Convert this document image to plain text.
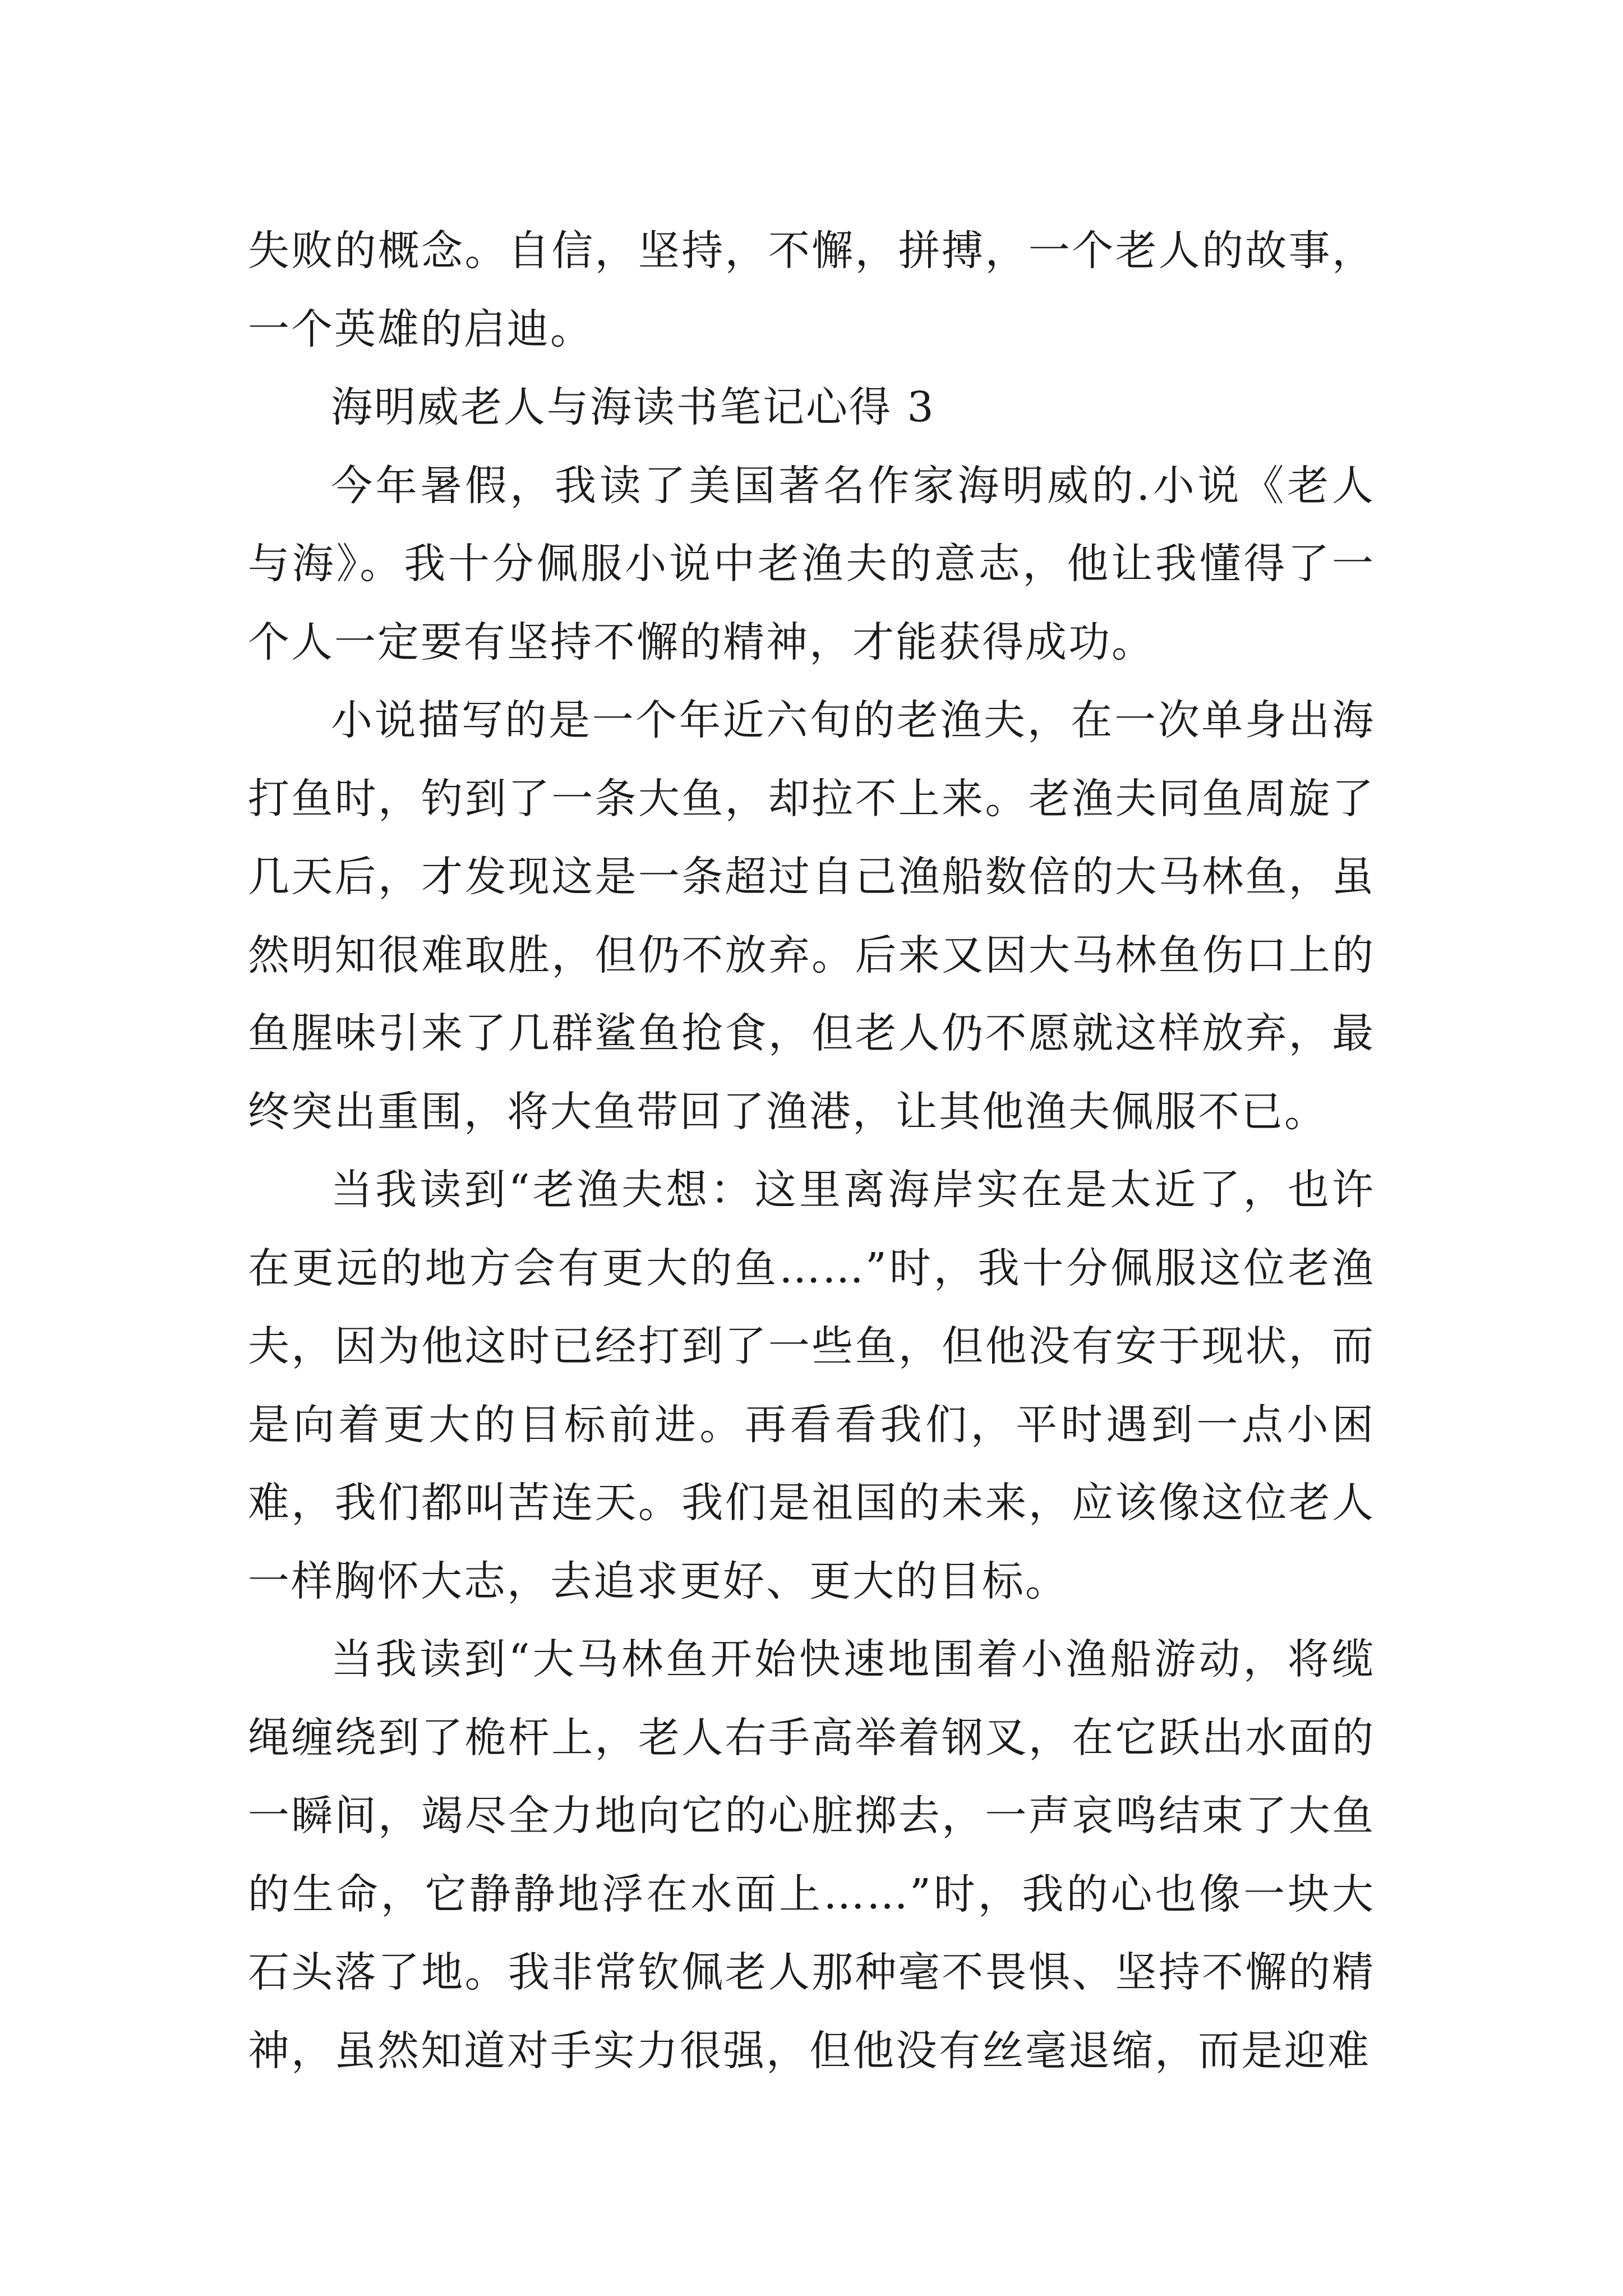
失败的概念。自信，坚持，不懈，拼搏，一个老人的故事，一个英雄的启迪。

海明威老人与海读书笔记心得 3

今年暑假，我读了美国著名作家海明威的.小说《老人与海》。我十分佩服小说中老渔夫的意志，他让我懂得了一个人一定要有坚持不懈的精神，才能获得成功。

小说描写的是一个年近六旬的老渔夫，在一次单身出海打鱼时，钓到了一条大鱼，却拉不上来。老渔夫同鱼周旋了几天后，才发现这是一条超过自己渔船数倍的大马林鱼，虽然明知很难取胜，但仍不放弃。后来又因大马林鱼伤口上的鱼腥味引来了几群鲨鱼抢食，但老人仍不愿就这样放弃，最终突出重围，将大鱼带回了渔港，让其他渔夫佩服不已。

当我读到“老渔夫想：这里离海岸实在是太近了，也许在更远的地方会有更大的鱼……”时，我十分佩服这位老渔夫，因为他这时已经打到了一些鱼，但他没有安于现状，而是向着更大的目标前进。再看看我们，平时遇到一点小困难，我们都叫苦连天。我们是祖国的未来，应该像这位老人一样胸怀大志，去追求更好、更大的目标。

当我读到“大马林鱼开始快速地围着小渔船游动，将缆绳缠绕到了桅杆上，老人右手高举着钢叉，在它跃出水面的一瞬间，竭尽全力地向它的心脏掷去，一声哀鸣结束了大鱼的生命，它静静地浮在水面上……”时，我的心也像一块大石头落了地。我非常钦佩老人那种毫不畏惧、坚持不懈的精神，虽然知道对手实力很强，但他没有丝毫退缩，而是迎难
